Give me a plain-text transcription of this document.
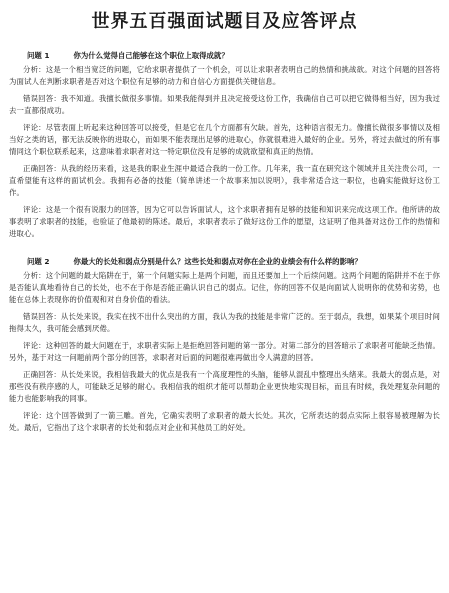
世界五百强面试题目及应答评点
问题 1	你为什么觉得自己能够在这个职位上取得成就？

分析：这是一个相当宽泛的问题，它给求职者提供了一个机会，可以让求职者表明自己的热情和挑战欲。对这个问题的回答将为面试人在判断求职者是否对这个职位有足够的动力和自信心方面提供关键信息。

错误回答：我不知道。我擅长做很多事情。如果我能得到并且决定接受这份工作，我确信自己可以把它做得相当好，因为我过去一直都很成功。

评论：尽管表面上听起来这种回答可以接受，但是它在几个方面都有欠缺。首先，这种语言很无力。像擅长做很多事情以及相当好之类的话，都无法反映你的进取心，而如果不能表现出足够的进取心，你就很难进入最好的企业。另外，将过去做过的所有事情同这个职位联系起来，这意味着求职者对这一特定职位没有足够的成就欲望和真正的热情。

正确回答：从我的经历来看，这是我的职业生涯中最适合我的一份工作。几年来，我一直在研究这个领域并且关注贵公司，一直希望能有这样的面试机会。我拥有必备的技能（简单讲述一个故事来加以说明），我非常适合这一职位，也确实能做好这份工作。

评论：这是一个很有说服力的回答，因为它可以告诉面试人，这个求职者拥有足够的技能和知识来完成这项工作。他所讲的故事表明了求职者的技能，也验证了他最初的陈述。最后，求职者表示了做好这份工作的愿望，这证明了他具备对这份工作的热情和进取心。

问题 2	你最大的长处和弱点分别是什么？这些长处和弱点对你在企业的业绩会有什么样的影响？

分析：这个问题的最大陷阱在于，第一个问题实际上是两个问题，而且还要加上一个后续问题。这两个问题的陷阱并不在于你是否能认真地看待自己的长处，也不在于你是否能正确认识自己的弱点。记住，你的回答不仅是向面试人说明你的优势和劣势，也能在总体上表现你的价值观和对自身价值的看法。

错误回答：从长处来说，我实在找不出什么突出的方面，我认为我的技能是非常广泛的。至于弱点，我想，如果某个项目时间拖得太久，我可能会感到厌倦。

评论：这种回答的最大问题在于，求职者实际上是拒绝回答问题的第一部分。对第二部分的回答暗示了求职者可能缺乏热情。另外，基于对这一问题前两个部分的回答，求职者对后面的问题很难再做出令人满意的回答。

正确回答：从长处来说，我相信我最大的优点是我有一个高度理性的头脑，能够从混乱中整理出头绪来。我最大的弱点是，对那些没有秩序感的人，可能缺乏足够的耐心。我相信我的组织才能可以帮助企业更快地实现目标，而且有时候，我处理复杂问题的能力也能影响我的同事。

评论：这个回答做到了一箭三雕。首先，它确实表明了求职者的最大长处。其次，它所表达的弱点实际上很容易被理解为长处。最后，它指出了这个求职者的长处和弱点对企业和其他员工的好处。
